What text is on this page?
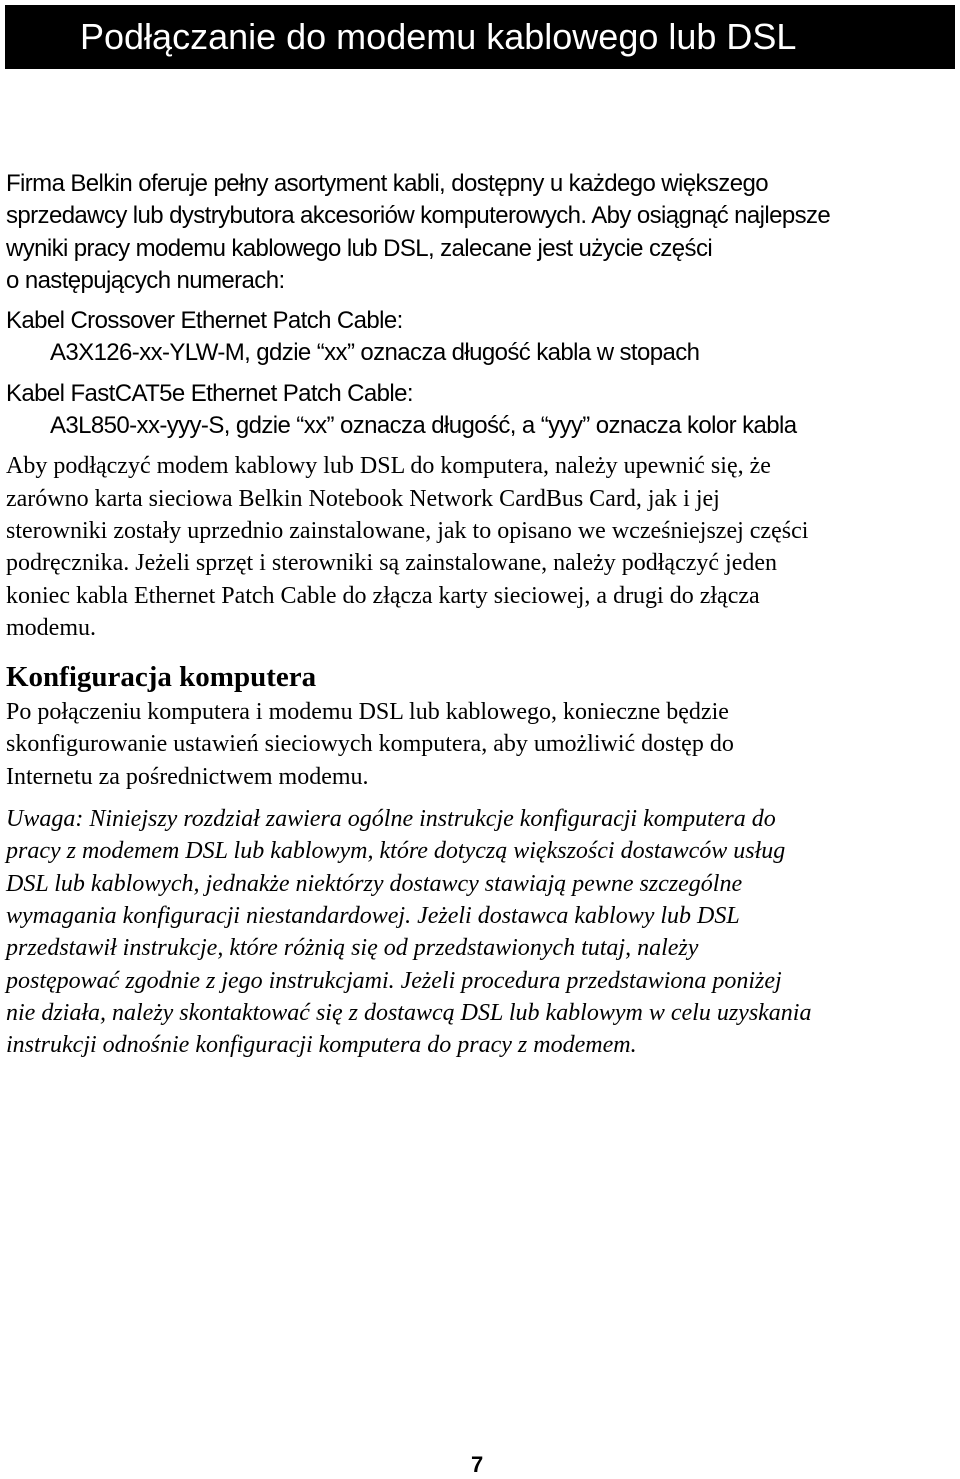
Podłączanie do modemu kablowego lub DSL

Firma Belkin oferuje pełny asortyment kabli, dostępny u każdego większego

sprzedawcy lub dystrybutora akcesoriów komputerowych. Aby osiągnąć najlepsze

wyniki pracy modemu kablowego lub DSL, zalecane jest użycie części

o następujących numerach:

Kabel Crossover Ethernet Patch Cable:

A3X126-xx-YLW-M, gdzie “xx” oznacza długość kabla w stopach

Kabel FastCAT5e Ethernet Patch Cable:

A3L850-xx-yyy-S, gdzie “xx” oznacza długość, a “yyy” oznacza kolor kabla

Aby podłączyć modem kablowy lub DSL do komputera, należy upewnić się, że

zarówno karta sieciowa Belkin Notebook Network CardBus Card, jak i jej

sterowniki zostały uprzednio zainstalowane, jak to opisano we wcześniejszej części

podręcznika. Jeżeli sprzęt i sterowniki są zainstalowane, należy podłączyć jeden

koniec kabla Ethernet Patch Cable do złącza karty sieciowej, a drugi do złącza

modemu.

Konfiguracja komputera

Po połączeniu komputera i modemu DSL lub kablowego, konieczne będzie

skonfigurowanie ustawień sieciowych komputera, aby umożliwić dostęp do

Internetu za pośrednictwem modemu.

Uwaga: Niniejszy rozdział zawiera ogólne instrukcje konfiguracji komputera do

pracy z modemem DSL lub kablowym, które dotyczą większości dostawców usług

DSL lub kablowych, jednakże niektórzy dostawcy stawiają pewne szczególne

wymagania konfiguracji niestandardowej. Jeżeli dostawca kablowy lub DSL

przedstawił instrukcje, które różnią się od przedstawionych tutaj, należy

postępować zgodnie z jego instrukcjami. Jeżeli procedura przedstawiona poniżej

nie działa, należy skontaktować się z dostawcą DSL lub kablowym w celu uzyskania

instrukcji odnośnie konfiguracji komputera do pracy z modemem.

7
